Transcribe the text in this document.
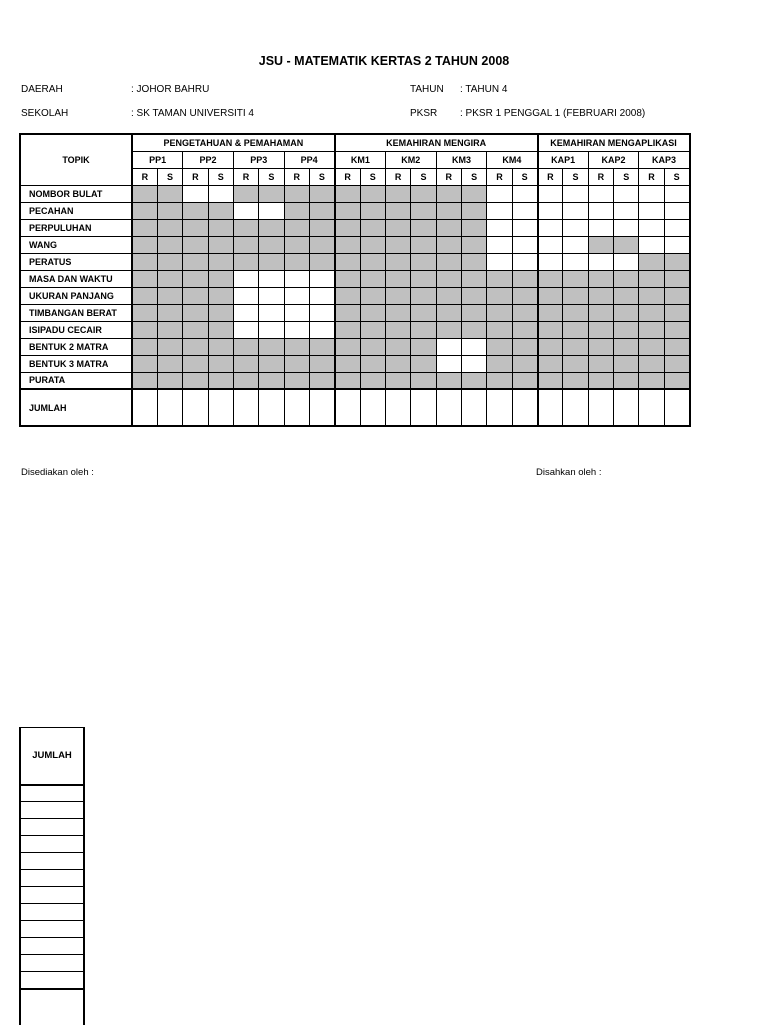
JSU - MATEMATIK KERTAS 2 TAHUN 2008
DAERAH	: JOHOR BAHRU	TAHUN : TAHUN 4
SEKOLAH	: SK TAMAN UNIVERSITI 4	PKSR : PKSR 1 PENGGAL 1 (FEBRUARI 2008)
TOPIK	PENGETAHUAN & PEMAHAMAN								KEMAHIRAN MENGIRA								KEMAHIRAN MENGAPLIKASI					
	PP1		PP2		PP3		PP4		KM1		KM2		KM3		KM4		KAP1		KAP2		KAP3	
	R	S	R	S	R	S	R	S	R	S	R	S	R	S	R	S	R	S	R	S	R	S
NOMBOR BULAT																						
PECAHAN																						
PERPULUHAN																						
WANG																						
PERATUS																						
MASA DAN WAKTU																						
UKURAN PANJANG																						
TIMBANGAN BERAT																						
ISIPADU CECAIR																						
BENTUK 2 MATRA																						
BENTUK 3 MATRA																						
PURATA																						
JUMLAH																						
Disediakan oleh :	Disahkan oleh :
JUMLAH
